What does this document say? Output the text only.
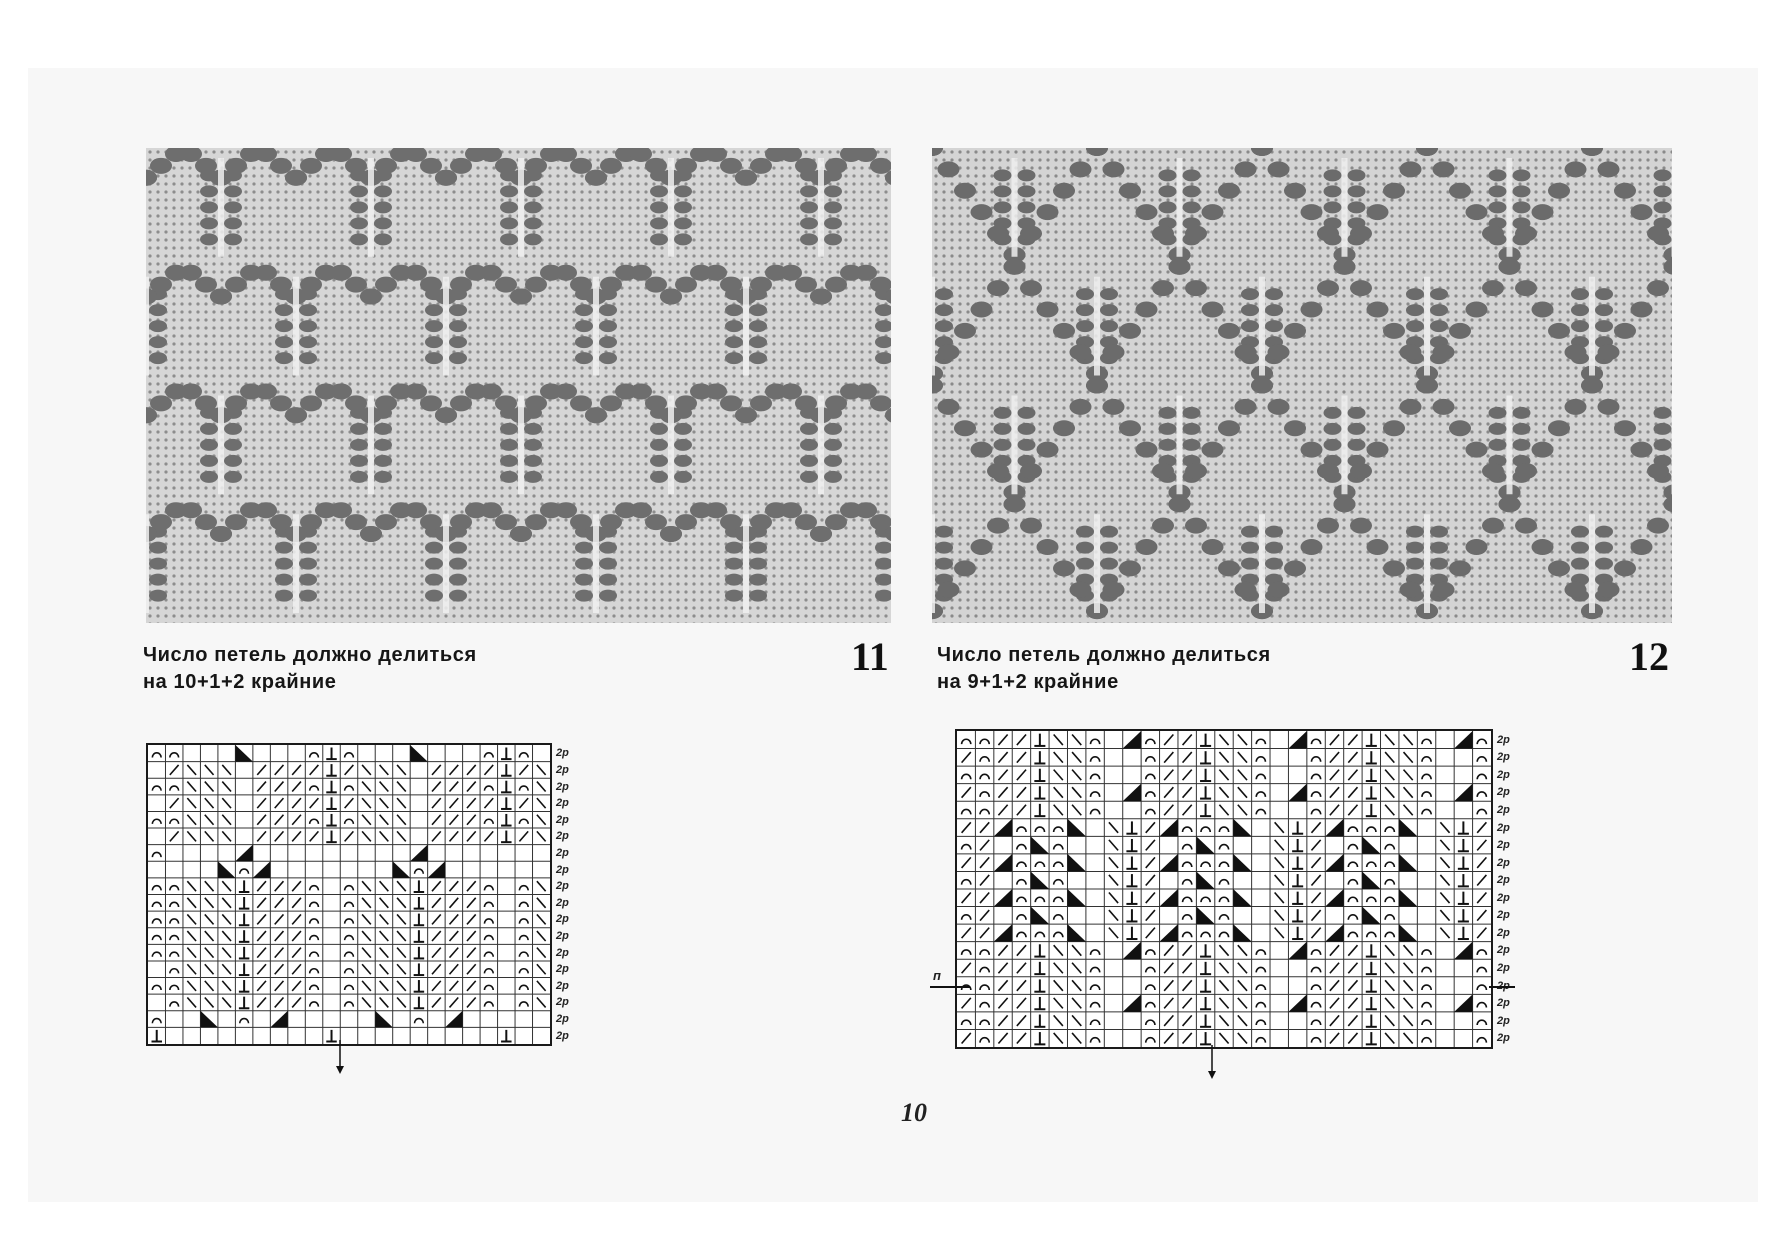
Число петель должно делиться
на 10+1+2 крайние
11 Число петель должно делиться
на 9+1+2 крайние
12
2р
2р
2р
2р
2р
2р
2р
2р
2р
2р
2р
2р
2р
2р
2р
2р
2р
2р
2р
2р
2р
2р
2р
2р
2р
2р
2р
2р
2р
2р
2р
2р
2р
2р
2р
2р
п
10
